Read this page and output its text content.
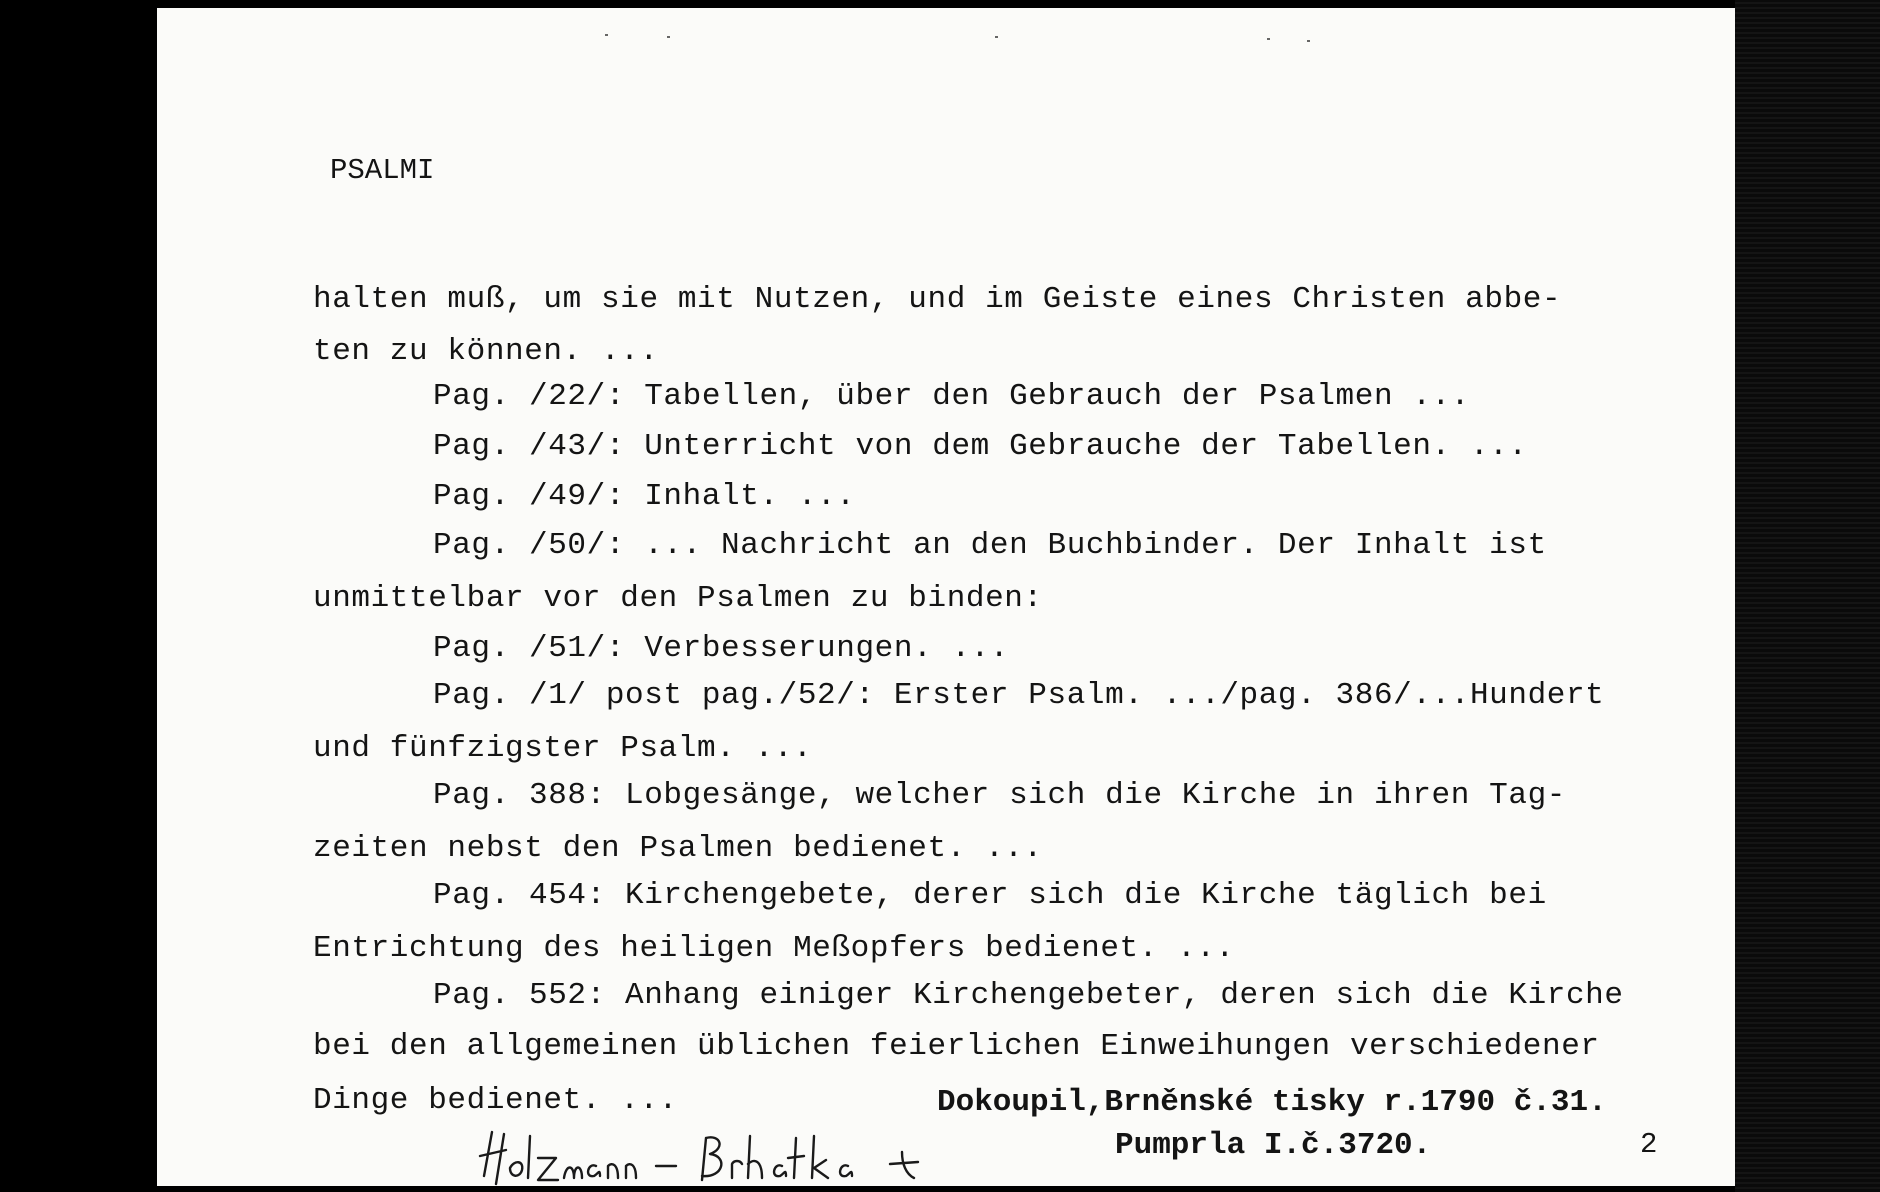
PSALMI
halten muß, um sie mit Nutzen, und im Geiste eines Christen abbe-
ten zu können. ...
Pag. /22/: Tabellen, über den Gebrauch der Psalmen ...
Pag. /43/: Unterricht von dem Gebrauche der Tabellen. ...
Pag. /49/: Inhalt. ...
Pag. /50/: ... Nachricht an den Buchbinder. Der Inhalt ist
unmittelbar vor den Psalmen zu binden:
Pag. /51/: Verbesserungen. ...
Pag. /1/ post pag./52/: Erster Psalm. .../pag. 386/...Hundert
und fünfzigster Psalm. ...
Pag. 388: Lobgesänge, welcher sich die Kirche in ihren Tag-
zeiten nebst den Psalmen bedienet. ...
Pag. 454: Kirchengebete, derer sich die Kirche täglich bei
Entrichtung des heiligen Meßopfers bedienet. ...
Pag. 552: Anhang einiger Kirchengebeter, deren sich die Kirche
bei den allgemeinen üblichen feierlichen Einweihungen verschiedener
Dinge bedienet. ...	Dokoupil,Brněnské tisky r.1790 č.31.
Pumprla I.č.3720.	2
